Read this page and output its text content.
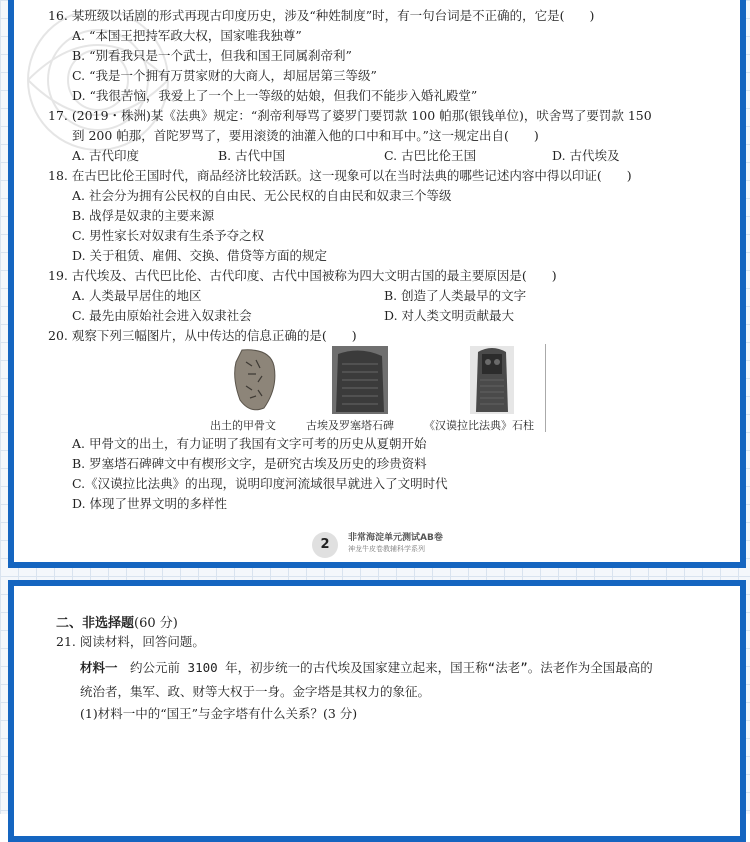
16. 某班级以话剧的形式再现古印度历史，涉及“种姓制度”时，有一句台词是不正确的，它是(　　)
A. “本国王把持军政大权，国家唯我独尊”
B. “别看我只是一个武士，但我和国王同属刹帝利”
C. “我是一个拥有万贯家财的大商人，却屈居第三等级”
D. “我很苦恼，我爱上了一个上一等级的姑娘，但我们不能步入婚礼殿堂”
17. (2019・株洲)某《法典》规定：“刹帝利辱骂了婆罗门要罚款 100 帕那(银钱单位)，吠舍骂了要罚款 150
到 200 帕那，首陀罗骂了，要用滚烫的油灌入他的口中和耳中。”这一规定出自(　　)
A. 古代印度	B. 古代中国	C. 古巴比伦王国	D. 古代埃及
18. 在古巴比伦王国时代，商品经济比较活跃。这一现象可以在当时法典的哪些记述内容中得以印证(　　)
A. 社会分为拥有公民权的自由民、无公民权的自由民和奴隶三个等级
B. 战俘是奴隶的主要来源
C. 男性家长对奴隶有生杀予夺之权
D. 关于租赁、雇佣、交换、借贷等方面的规定
19. 古代埃及、古代巴比伦、古代印度、古代中国被称为四大文明古国的最主要原因是(　　)
A. 人类最早居住的地区	B. 创造了人类最早的文字
C. 最先由原始社会进入奴隶社会	D. 对人类文明贡献最大
20. 观察下列三幅图片，从中传达的信息正确的是(　　)
出土的甲骨文	古埃及罗塞塔石碑	《汉谟拉比法典》石柱
A. 甲骨文的出土，有力证明了我国有文字可考的历史从夏朝开始
B. 罗塞塔石碑碑文中有楔形文字，是研究古埃及历史的珍贵资料
C.《汉谟拉比法典》的出现，说明印度河流域很早就进入了文明时代
D. 体现了世界文明的多样性
2	非常海淀单元测试AB卷
神龙牛皮卷教辅科学系列
二、非选择题(60 分)
21. 阅读材料，回答问题。
材料一　约公元前 3100 年，初步统一的古代埃及国家建立起来，国王称“法老”。法老作为全国最高的
统治者，集军、政、财等大权于一身。金字塔是其权力的象征。
(1)材料一中的“国王”与金字塔有什么关系？(3 分)
